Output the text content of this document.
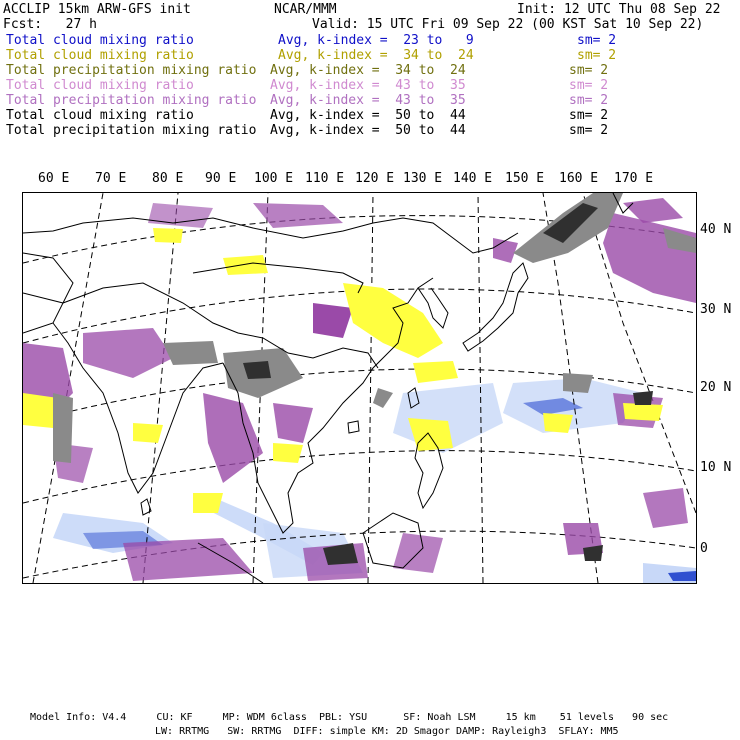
ACCLIP 15km ARW-GFS init	NCAR/MMM	Init: 12 UTC Thu 08 Sep 22
Fcst:   27 h	Valid: 15 UTC Fri 09 Sep 22 (00 KST Sat 10 Sep 22)
Total cloud mixing ratio	Avg, k-index =  23 to   9	sm= 2
Total cloud mixing ratio	Avg, k-index =  34 to  24	sm= 2
Total precipitation mixing ratio Avg, k-index =  34 to  24	sm= 2
Total cloud mixing ratio	Avg, k-index =  43 to  35	sm= 2
Total precipitation mixing ratio Avg, k-index =  43 to  35	sm= 2
Total cloud mixing ratio	Avg, k-index =  50 to  44	sm= 2
Total precipitation mixing ratio Avg, k-index =  50 to  44	sm= 2
60 E 70 E 80 E 90 E 100 E 110 E 120 E 130 E 140 E 150 E 160 E 170 E
40 N
30 N
20 N
10 N
0
Model Info: V4.4     CU: KF     MP: WDM 6class  PBL: YSU      SF: Noah LSM     15 km    51 levels   90 sec
LW: RRTMG   SW: RRTMG  DIFF: simple KM: 2D Smagor DAMP: Rayleigh3  SFLAY: MM5
